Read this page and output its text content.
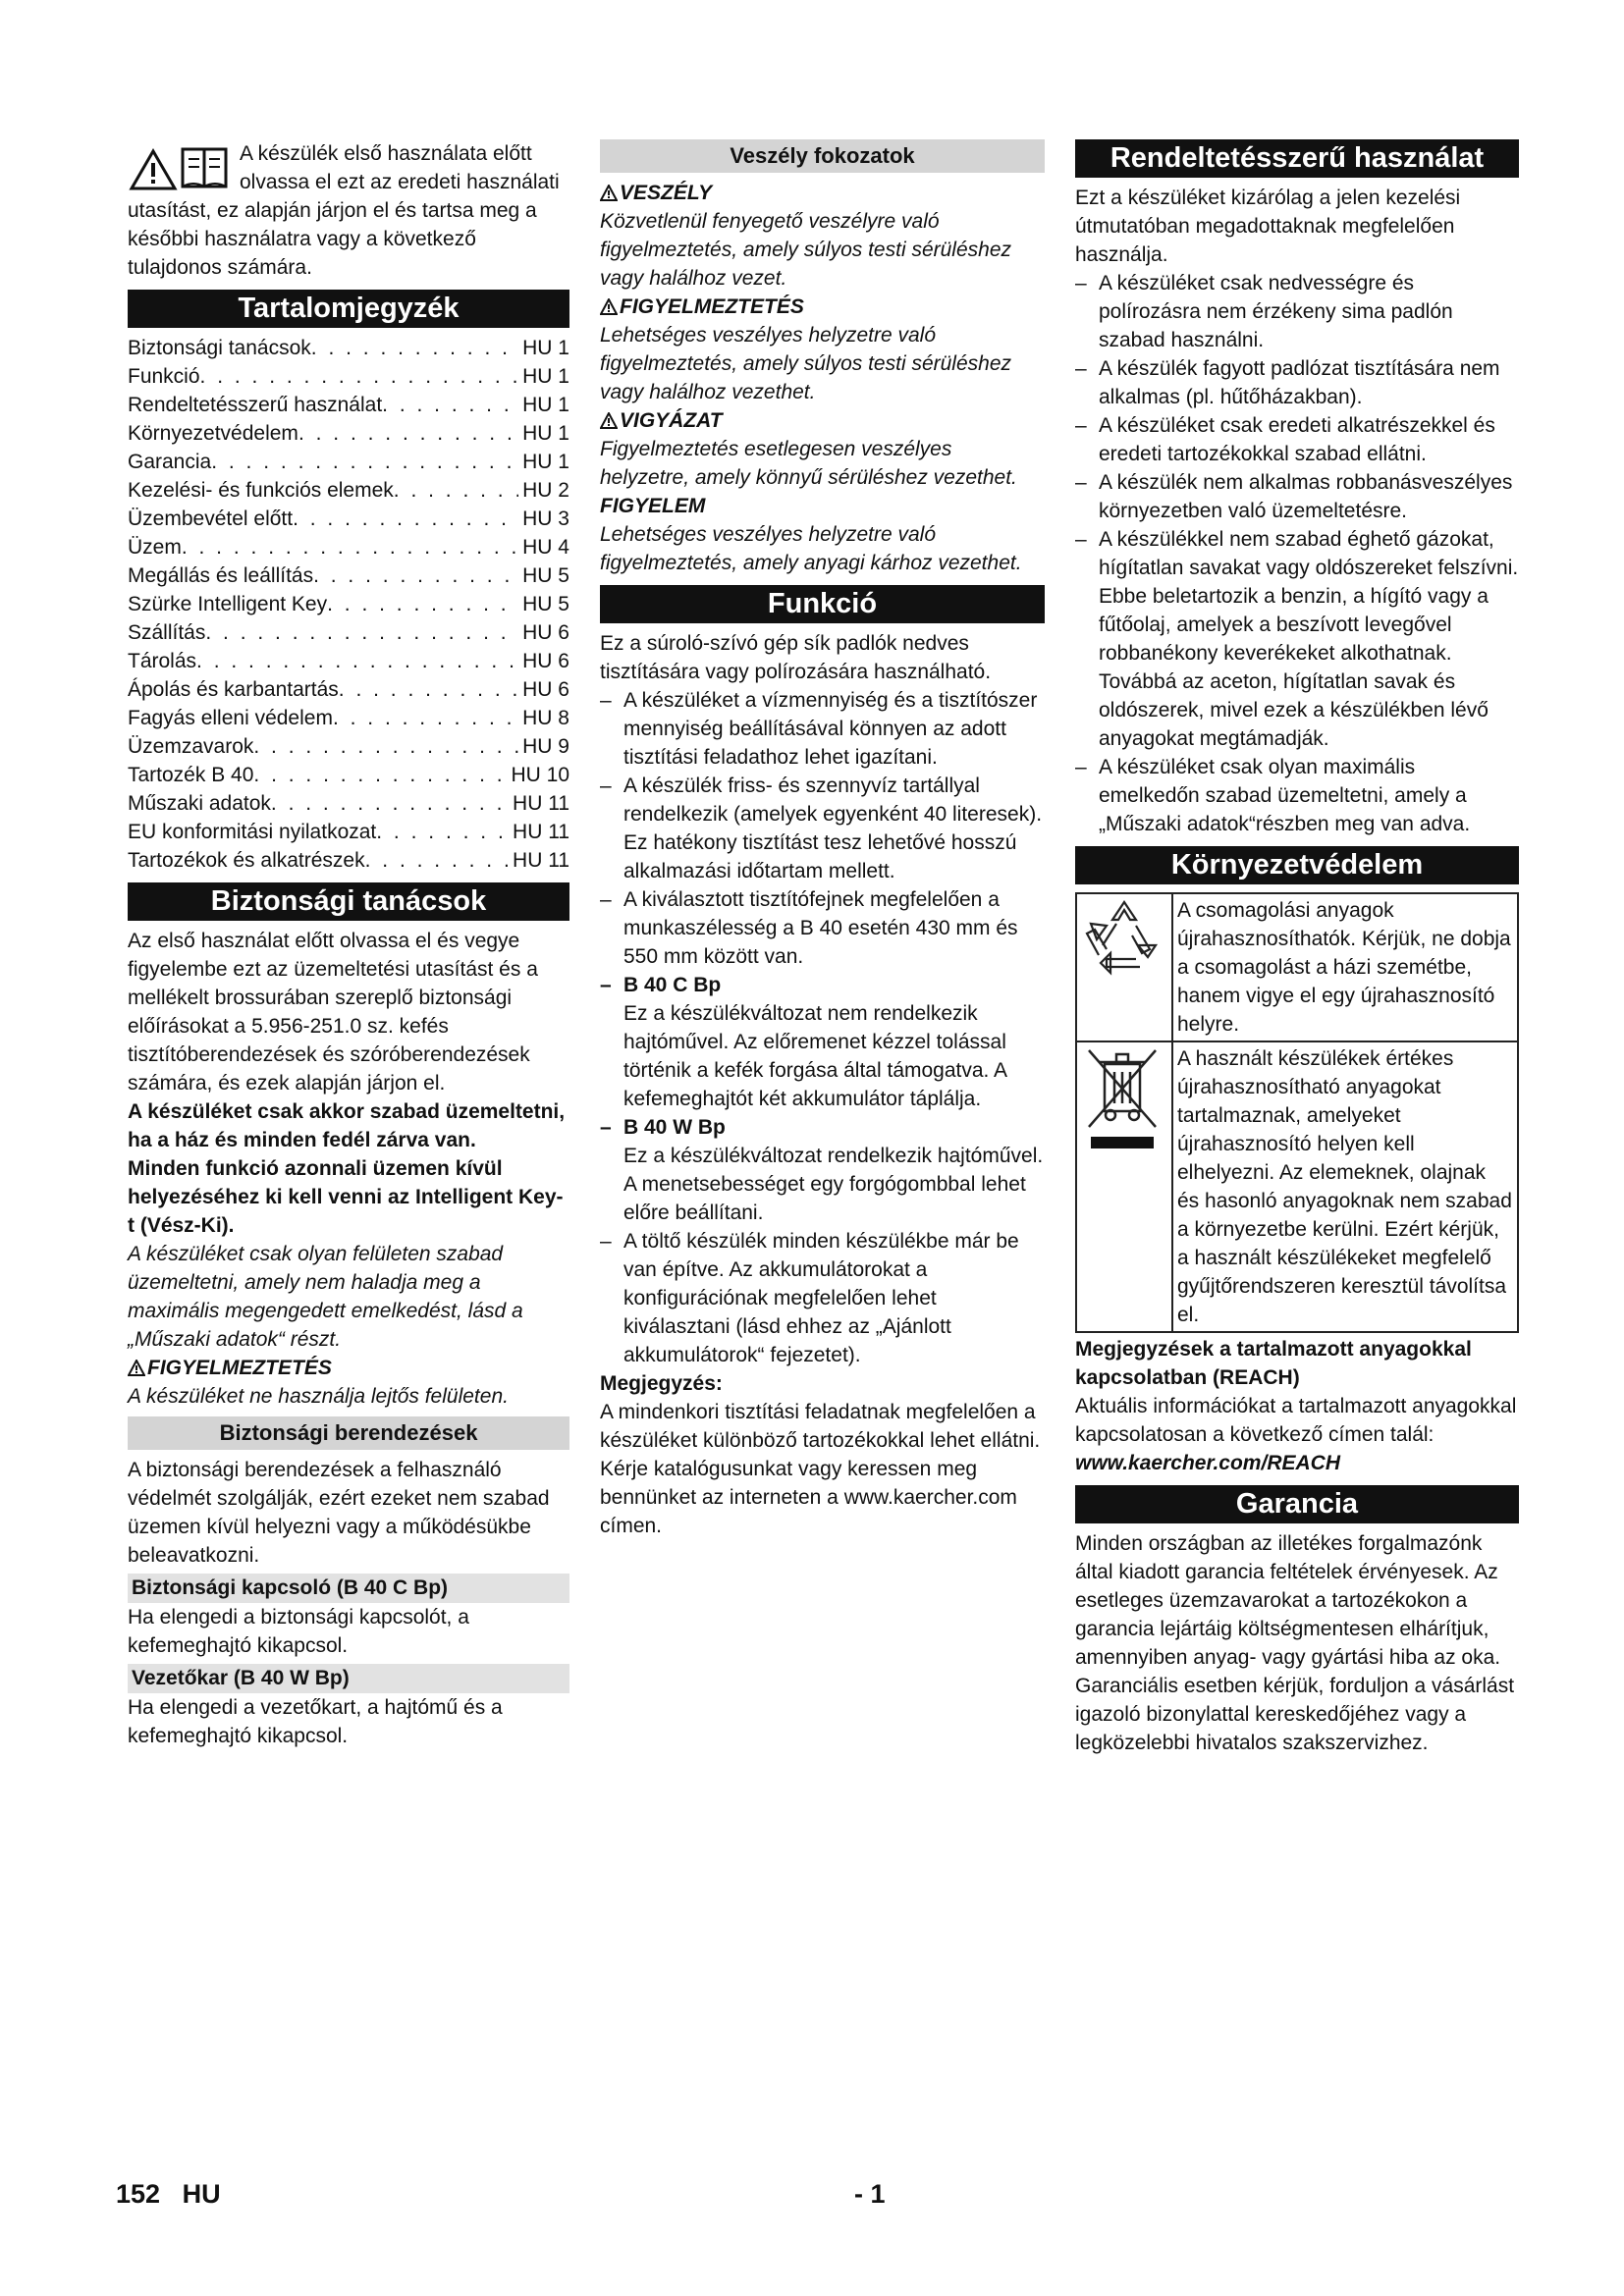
A készülék első használata előtt olvassa el ezt az eredeti használati utasítást, ez alapján járjon el és tartsa meg a későbbi használatra vagy a következő tulajdonos számára.

Tartalomjegyzék
Biztonsági tanácsok . . .	HU 1
Funkció . . .	HU 1
Rendeltetésszerű használat . . .	HU 1
Környezetvédelem . . .	HU 1
Garancia . . .	HU 1
Kezelési- és funkciós elemek . . .	HU 2
Üzembevétel előtt . . .	HU 3
Üzem . . .	HU 4
Megállás és leállítás . . .	HU 5
Szürke Intelligent Key . . .	HU 5
Szállítás . . .	HU 6
Tárolás . . .	HU 6
Ápolás és karbantartás . . .	HU 6
Fagyás elleni védelem . . .	HU 8
Üzemzavarok . . .	HU 9
Tartozék B 40 . . .	HU 10
Műszaki adatok . . .	HU 11
EU konformitási nyilatkozat . . .	HU 11
Tartozékok és alkatrészek . . .	HU 11
Biztonsági tanácsok

Az első használat előtt olvassa el és vegye figyelembe ezt az üzemeltetési utasítást és a mellékelt brossurában szereplő biztonsági előírásokat a 5.956-251.0 sz. kefés tisztítóberendezések és szóróberendezések számára, és ezek alapján járjon el.

A készüléket csak akkor szabad üzemeltetni, ha a ház és minden fedél zárva van.

Minden funkció azonnali üzemen kívül helyezéséhez ki kell venni az Intelligent Key-t (Vész-Ki).

A készüléket csak olyan felületen szabad üzemeltetni, amely nem haladja meg a maximális megengedett emelkedést, lásd a „Műszaki adatok“ részt.

FIGYELMEZTETÉS

A készüléket ne használja lejtős felületen.

Biztonsági berendezések

A biztonsági berendezések a felhasználó védelmét szolgálják, ezért ezeket nem szabad üzemen kívül helyezni vagy a működésükbe beleavatkozni.

Biztonsági kapcsoló (B 40 C Bp)

Ha elengedi a biztonsági kapcsolót, a kefemeghajtó kikapcsol.

Vezetőkar (B 40 W Bp)

Ha elengedi a vezetőkart, a hajtómű és a kefemeghajtó kikapcsol.

Veszély fokozatok

VESZÉLY

Közvetlenül fenyegető veszélyre való figyelmeztetés, amely súlyos testi sérüléshez vagy halálhoz vezet.

FIGYELMEZTETÉS

Lehetséges veszélyes helyzetre való figyelmeztetés, amely súlyos testi sérüléshez vagy halálhoz vezethet.

VIGYÁZAT

Figyelmeztetés esetlegesen veszélyes helyzetre, amely könnyű sérüléshez vezethet.

FIGYELEM

Lehetséges veszélyes helyzetre való figyelmeztetés, amely anyagi kárhoz vezethet.

Funkció

Ez a súroló-szívó gép sík padlók nedves tisztítására vagy polírozására használható.

– A készüléket a vízmennyiség és a tisztítószer mennyiség beállításával könnyen az adott tisztítási feladathoz lehet igazítani.
– A készülék friss- és szennyvíz tartállyal rendelkezik (amelyek egyenként 40 literesek). Ez hatékony tisztítást tesz lehetővé hosszú alkalmazási időtartam mellett.
– A kiválasztott tisztítófejnek megfelelően a munkaszélesség a B 40 esetén 430 mm és 550 mm között van.
– B 40 C Bp

Ez a készülékváltozat nem rendelkezik hajtóművel. Az előremenet kézzel tolással történik a kefék forgása által támogatva. A kefemeghajtót két akkumulátor táplálja.

– B 40 W Bp

Ez a készülékváltozat rendelkezik hajtóművel. A menetsebességet egy forgógombbal lehet előre beállítani.

– A töltő készülék minden készülékbe már be van építve. Az akkumulátorokat a konfigurációnak megfelelően lehet kiválasztani (lásd ehhez az „Ajánlott akkumulátorok“ fejezetet).

Megjegyzés:

A mindenkori tisztítási feladatnak megfelelően a készüléket különböző tartozékokkal lehet ellátni.

Kérje katalógusunkat vagy keressen meg bennünket az interneten a www.kaercher.com címen.

Rendeltetésszerű használat

Ezt a készüléket kizárólag a jelen kezelési útmutatóban megadottaknak megfelelően használja.

– A készüléket csak nedvességre és polírozásra nem érzékeny sima padlón szabad használni.
– A készülék fagyott padlózat tisztítására nem alkalmas (pl. hűtőházakban).
– A készüléket csak eredeti alkatrészekkel és eredeti tartozékokkal szabad ellátni.
– A készülék nem alkalmas robbanásveszélyes környezetben való üzemeltetésre.
– A készülékkel nem szabad éghető gázokat, hígítatlan savakat vagy oldószereket felszívni.

Ebbe beletartozik a benzin, a hígító vagy a fűtőolaj, amelyek a beszívott levegővel robbanékony keverékeket alkothatnak. Továbbá az aceton, hígítatlan savak és oldószerek, mivel ezek a készülékben lévő anyagokat megtámadják.

– A készüléket csak olyan maximális emelkedőn szabad üzemeltetni, amely a „Műszaki adatok“részben meg van adva.
Környezetvédelem
A csomagolási anyagok újrahasznosíthatók. Kérjük, ne dobja a csomagolást a házi szemétbe, hanem vigye el egy újrahasznosító helyre.
A használt készülékek értékes újrahasznosítható anyagokat tartalmaznak, amelyeket újrahasznosító helyen kell elhelyezni. Az elemeknek, olajnak és hasonló anyagoknak nem szabad a környezetbe kerülni. Ezért kérjük, a használt készülékeket megfelelő gyűjtőrendszeren keresztül távolítsa el.

Megjegyzések a tartalmazott anyagokkal kapcsolatban (REACH)

Aktuális információkat a tartalmazott anyagokkal kapcsolatosan a következő címen talál:

www.kaercher.com/REACH

Garancia

Minden országban az illetékes forgalmazónk által kiadott garancia feltételek érvényesek. Az esetleges üzemzavarokat a tartozékokon a garancia lejártáig költségmentesen elhárítjuk, amennyiben anyag- vagy gyártási hiba az oka. Garanciális esetben kérjük, forduljon a vásárlást igazoló bizonylattal kereskedőjéhez vagy a legközelebbi hivatalos szakszervizhez.

152 HU	- 1
